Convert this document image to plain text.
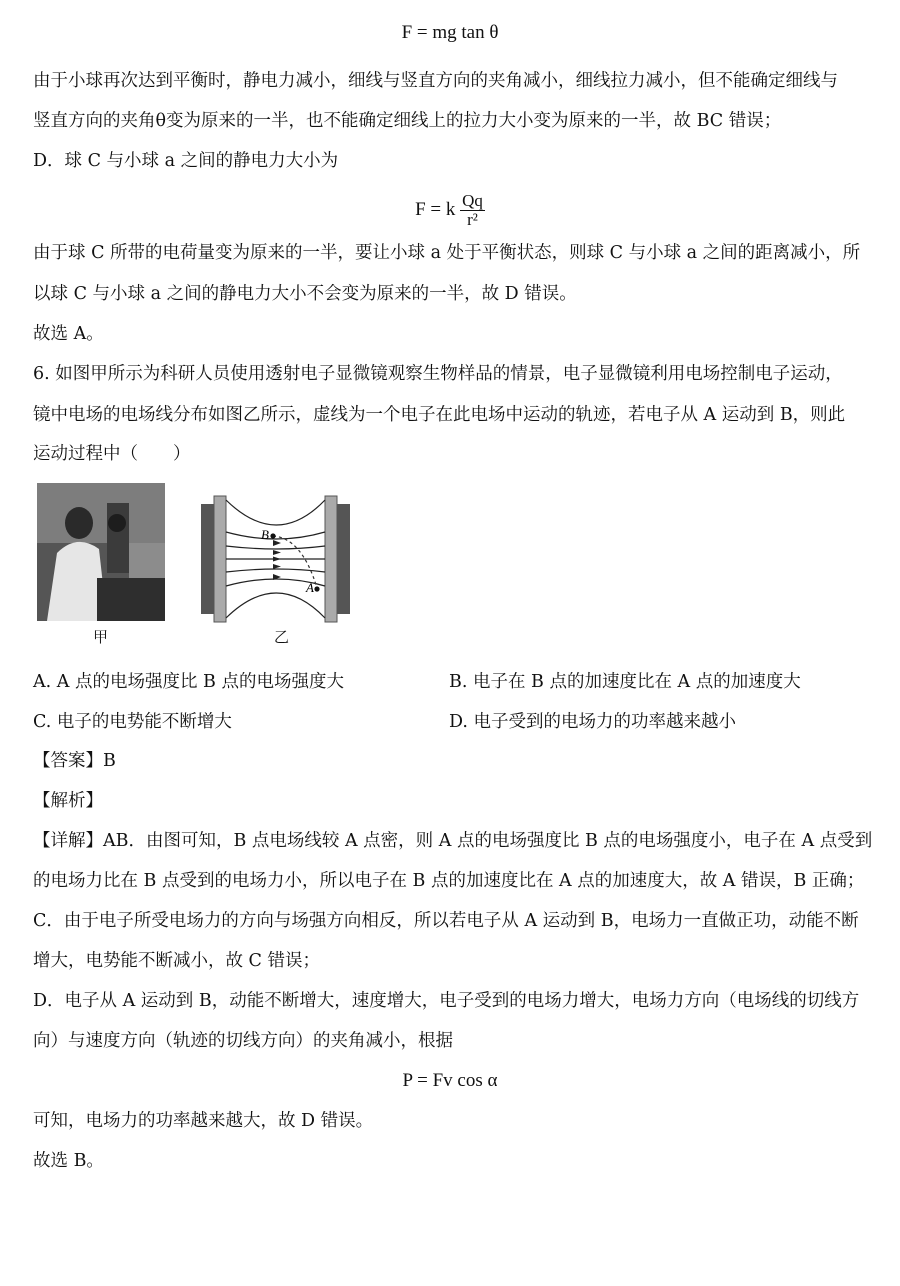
F = mg tan θ
由于小球再次达到平衡时，静电力减小，细线与竖直方向的夹角减小，细线拉力减小，但不能确定细线与
竖直方向的夹角θ变为原来的一半，也不能确定细线上的拉力大小变为原来的一半，故 BC 错误；
D．球 C 与小球 a 之间的静电力大小为
F = k $\frac{Qq}{\text{r²}}$
由于球 C 所带的电荷量变为原来的一半，要让小球 a 处于平衡状态，则球 C 与小球 a 之间的距离减小，所
以球 C 与小球 a 之间的静电力大小不会变为原来的一半，故 D 错误。
故选 A。
6. 如图甲所示为科研人员使用透射电子显微镜观察生物样品的情景，电子显微镜利用电场控制电子运动，
镜中电场的电场线分布如图乙所示，虚线为一个电子在此电场中运动的轨迹，若电子从 A 运动到 B，则此
运动过程中（　　）
甲
B
A
乙
A. A 点的电场强度比 B 点的电场强度大	B. 电子在 B 点的加速度比在 A 点的加速度大
C. 电子的电势能不断增大	D. 电子受到的电场力的功率越来越小
【答案】B
【解析】
【详解】AB．由图可知，B 点电场线较 A 点密，则 A 点的电场强度比 B 点的电场强度小，电子在 A 点受到
的电场力比在 B 点受到的电场力小，所以电子在 B 点的加速度比在 A 点的加速度大，故 A 错误，B 正确；
C．由于电子所受电场力的方向与场强方向相反，所以若电子从 A 运动到 B，电场力一直做正功，动能不断
增大，电势能不断减小，故 C 错误；
D．电子从 A 运动到 B，动能不断增大，速度增大，电子受到的电场力增大，电场力方向（电场线的切线方
向）与速度方向（轨迹的切线方向）的夹角减小，根据
P = Fv cos α
可知，电场力的功率越来越大，故 D 错误。
故选 B。
